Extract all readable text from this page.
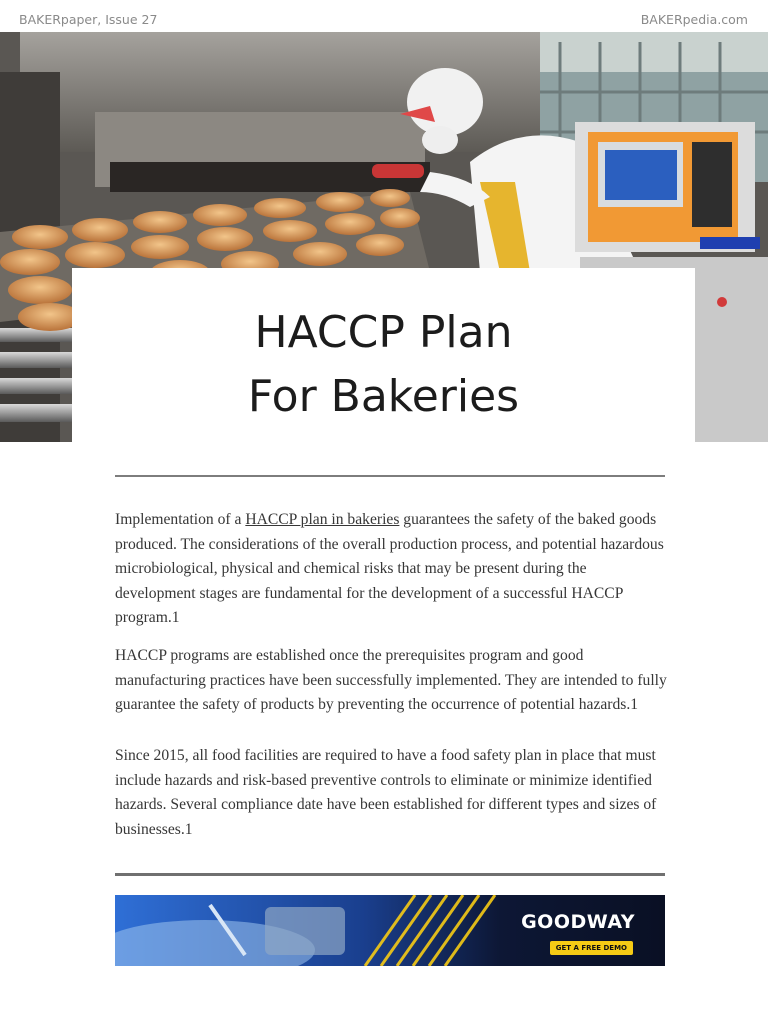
BAKERpaper, Issue 27	BAKERpedia.com
HACCP Plan
For Bakeries

Implementation of a HACCP plan in bakeries guarantees the safety of the baked goods produced. The considerations of the overall production process, and potential hazardous microbiological, physical and chemical risks that may be present during the development stages are fundamental for the development of a successful HACCP program.1

HACCP programs are established once the prerequisites program and good manufacturing practices have been successfully implemented. They are intended to fully guarantee the safety of products by preventing the occurrence of potential hazards.1

Since 2015, all food facilities are required to have a food safety plan in place that must include hazards and risk-based preventive controls to eliminate or minimize identified hazards. Several compliance date have been established for different types and sizes of businesses.1

GOODWAY
GET A FREE DEMO
